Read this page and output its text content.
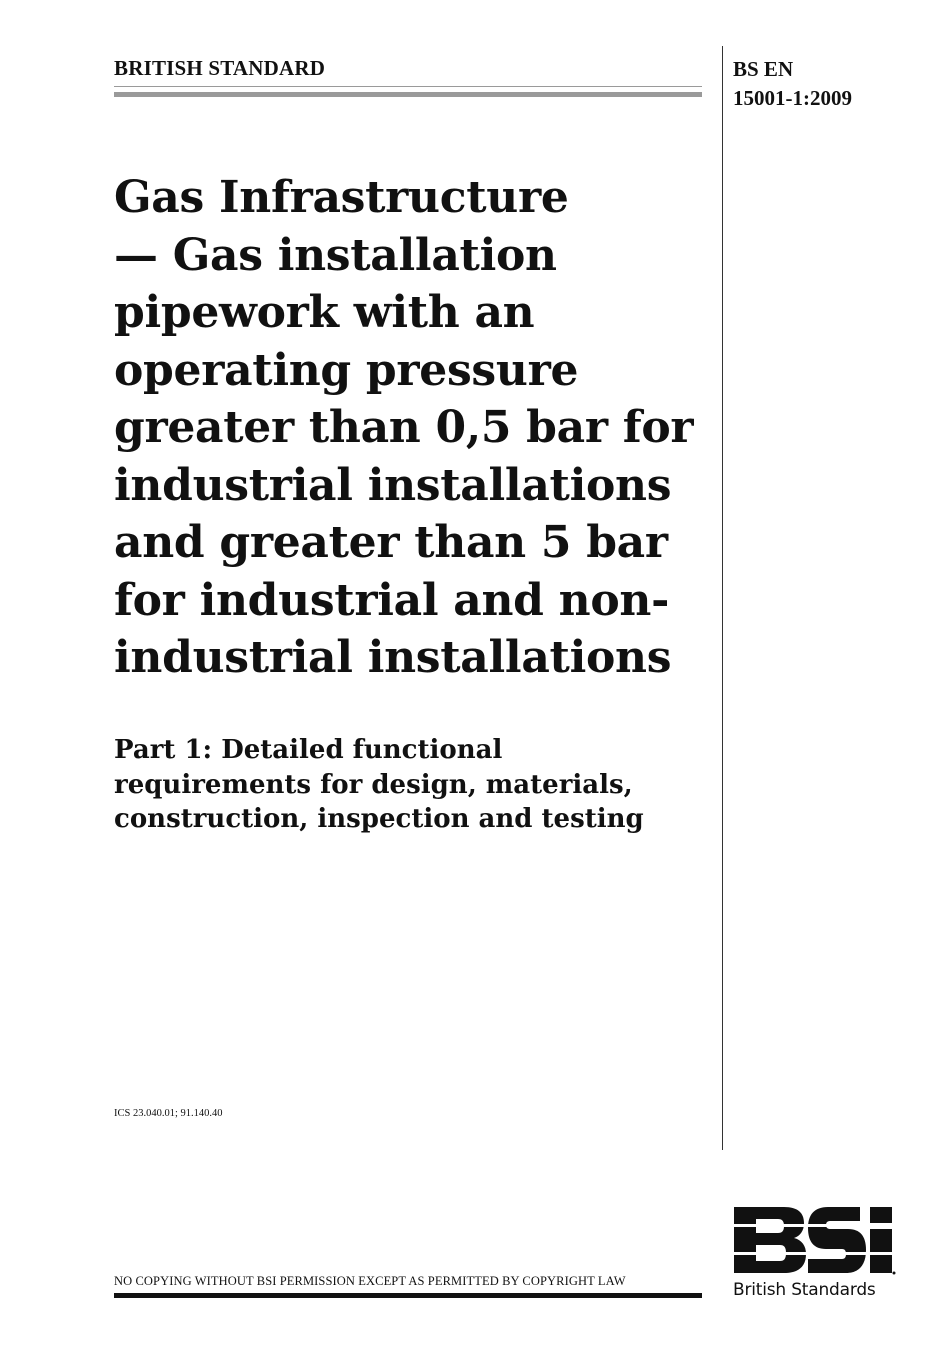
BRITISH STANDARD	BS EN
15001-1:2009
Gas Infrastructure
— Gas installation
pipework with an
operating pressure
greater than 0,5 bar for
industrial installations
and greater than 5 bar
for industrial and non-
industrial installations
Part 1: Detailed functional
requirements for design, materials,
construction, inspection and testing
ICS 23.040.01; 91.140.40
NO COPYING WITHOUT BSI PERMISSION EXCEPT AS PERMITTED BY COPYRIGHT LAW	British Standards
